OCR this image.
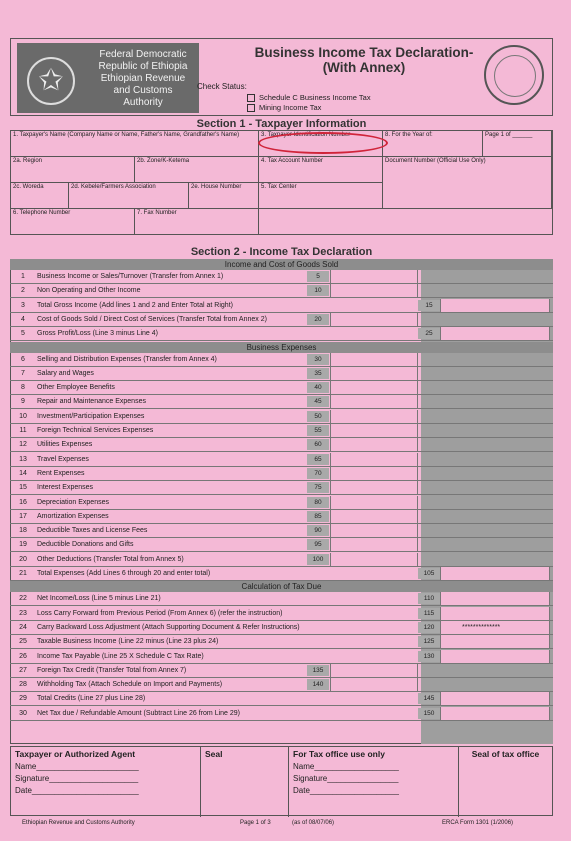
✩
Federal Democratic
Republic of Ethiopia
Ethiopian Revenue
and Customs
Authority
Business Income Tax Declaration-
(With Annex)
Check Status:
Schedule C Business Income Tax
Mining Income Tax
Section 1 - Taxpayer Information
1. Taxpayer's Name (Company Name or Name, Father's Name, Grandfather's Name)	3. Taxpayer Identification Number	8. For the Year of:	Page 1 of ______
2a. Region	2b. Zone/K-Ketema	4. Tax Account Number	Document Number (Official Use Only)
2c. Woreda	2d. Kebele/Farmers Association	2e. House Number	5. Tax Center
6. Telephone Number	7. Fax Number
Section 2 - Income Tax Declaration
Income and Cost of Goods Sold
1	Business Income or Sales/Turnover (Transfer from Annex 1)	5
2	Non Operating and Other Income	10
3	Total Gross Income (Add lines 1 and 2 and Enter Total at Right)	15
4	Cost of Goods Sold / Direct Cost of Services (Transfer Total from Annex 2)	20
5	Gross Profit/Loss (Line 3 minus Line 4)	25
Business Expenses
6	Selling and Distribution Expenses (Transfer from Annex 4)	30
7	Salary and Wages	35
8	Other Employee Benefits	40
9	Repair and Maintenance Expenses	45
10	Investment/Participation Expenses	50
11	Foreign Technical Services Expenses	55
12	Utilities Expenses	60
13	Travel Expenses	65
14	Rent Expenses	70
15	Interest Expenses	75
16	Depreciation Expenses	80
17	Amortization Expenses	85
18	Deductible Taxes and License Fees	90
19	Deductible Donations and Gifts	95
20	Other Deductions (Transfer Total from Annex 5)	100
21	Total Expenses (Add Lines 6 through 20 and enter total)	105
Calculation of Tax Due
22	Net Income/Loss (Line 5 minus Line 21)	110
23	Loss Carry Forward from Previous Period (From Annex 6) (refer the instruction)	115
24	Carry Backward Loss Adjustment (Attach Supporting Document & Refer Instructions)	120	**************
25	Taxable Business Income (Line 22 minus (Line 23 plus 24)	125
26	Income Tax Payable (Line 25 X Schedule C Tax Rate)	130
27	Foreign Tax Credit (Transfer Total from Annex 7)	135
28	Withholding Tax (Attach Schedule on Import and Payments)	140
29	Total Credits (Line 27 plus Line 28)	145
30	Net Tax due / Refundable Amount (Subtract Line 26 from Line 29)	150
Taxpayer or Authorized Agent
Name_______________________
Signature____________________
Date________________________
Seal	For Tax office use only
Name___________________
Signature________________
Date____________________
Seal of tax office
Ethiopian Revenue and Customs Authority	Page 1 of 3	(as of 08/07/06)	ERCA Form 1301 (1/2006)
